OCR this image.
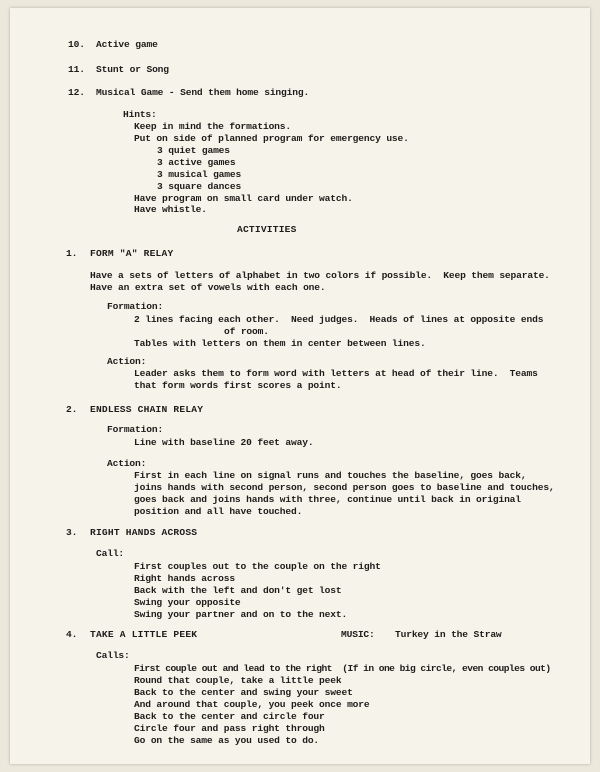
10. Active game
11. Stunt or Song
12. Musical Game - Send them home singing.
Hints:
Keep in mind the formations.
Put on side of planned program for emergency use.
3 quiet games
3 active games
3 musical games
3 square dances
Have program on small card under watch.
Have whistle.
ACTIVITIES
1. FORM "A" RELAY
Have a sets of letters of alphabet in two colors if possible.  Keep them separate.
Have an extra set of vowels with each one.
Formation:
2 lines facing each other.  Need judges.  Heads of lines at opposite ends
of room.
Tables with letters on them in center between lines.
Action:
Leader asks them to form word with letters at head of their line.  Teams
that form words first scores a point.
2. ENDLESS CHAIN RELAY
Formation:
Line with baseline 20 feet away.
Action:
First in each line on signal runs and touches the baseline, goes back,
joins hands with second person, second person goes to baseline and touches,
goes back and joins hands with three, continue until back in original
position and all have touched.
3. RIGHT HANDS ACROSS
Call:
First couples out to the couple on the right
Right hands across
Back with the left and don't get lost
Swing your opposite
Swing your partner and on to the next.
4. TAKE A LITTLE PEEK	MUSIC: Turkey in the Straw
Calls:
First couple out and lead to the right  (If in one big circle, even couples out)
Round that couple, take a little peek
Back to the center and swing your sweet
And around that couple, you peek once more
Back to the center and circle four
Circle four and pass right through
Go on the same as you used to do.
